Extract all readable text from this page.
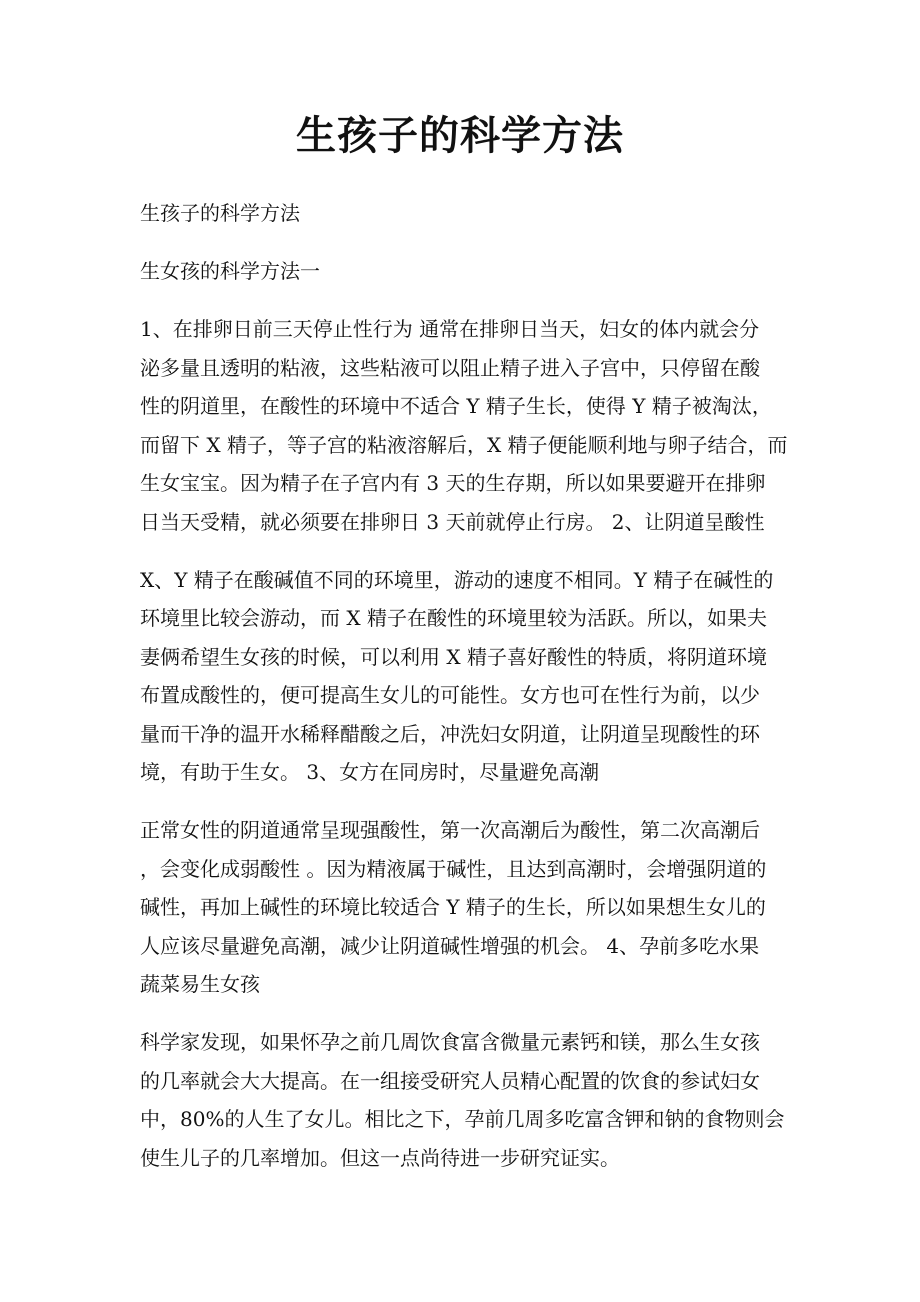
生孩子的科学方法

生孩子的科学方法

生女孩的科学方法一

1、在排卵日前三天停止性行为 通常在排卵日当天，妇女的体内就会分
泌多量且透明的粘液，这些粘液可以阻止精子进入子宫中，只停留在酸
性的阴道里，在酸性的环境中不适合 Y 精子生长，使得 Y 精子被淘汰，
而留下 X 精子，等子宫的粘液溶解后，X 精子便能顺利地与卵子结合，而
生女宝宝。因为精子在子宫内有 3 天的生存期，所以如果要避开在排卵
日当天受精，就必须要在排卵日 3 天前就停止行房。 2、让阴道呈酸性

X、Y 精子在酸碱值不同的环境里，游动的速度不相同。Y 精子在碱性的
环境里比较会游动，而 X 精子在酸性的环境里较为活跃。所以，如果夫
妻俩希望生女孩的时候，可以利用 X 精子喜好酸性的特质，将阴道环境
布置成酸性的，便可提高生女儿的可能性。女方也可在性行为前，以少
量而干净的温开水稀释醋酸之后，冲洗妇女阴道，让阴道呈现酸性的环
境，有助于生女。 3、女方在同房时，尽量避免高潮

正常女性的阴道通常呈现强酸性，第一次高潮后为酸性，第二次高潮后
，会变化成弱酸性 。因为精液属于碱性，且达到高潮时，会增强阴道的
碱性，再加上碱性的环境比较适合 Y 精子的生长，所以如果想生女儿的
人应该尽量避免高潮，减少让阴道碱性增强的机会。 4、孕前多吃水果
蔬菜易生女孩

科学家发现，如果怀孕之前几周饮食富含微量元素钙和镁，那么生女孩
的几率就会大大提高。在一组接受研究人员精心配置的饮食的参试妇女
中，80%的人生了女儿。相比之下，孕前几周多吃富含钾和钠的食物则会
使生儿子的几率增加。但这一点尚待进一步研究证实。
